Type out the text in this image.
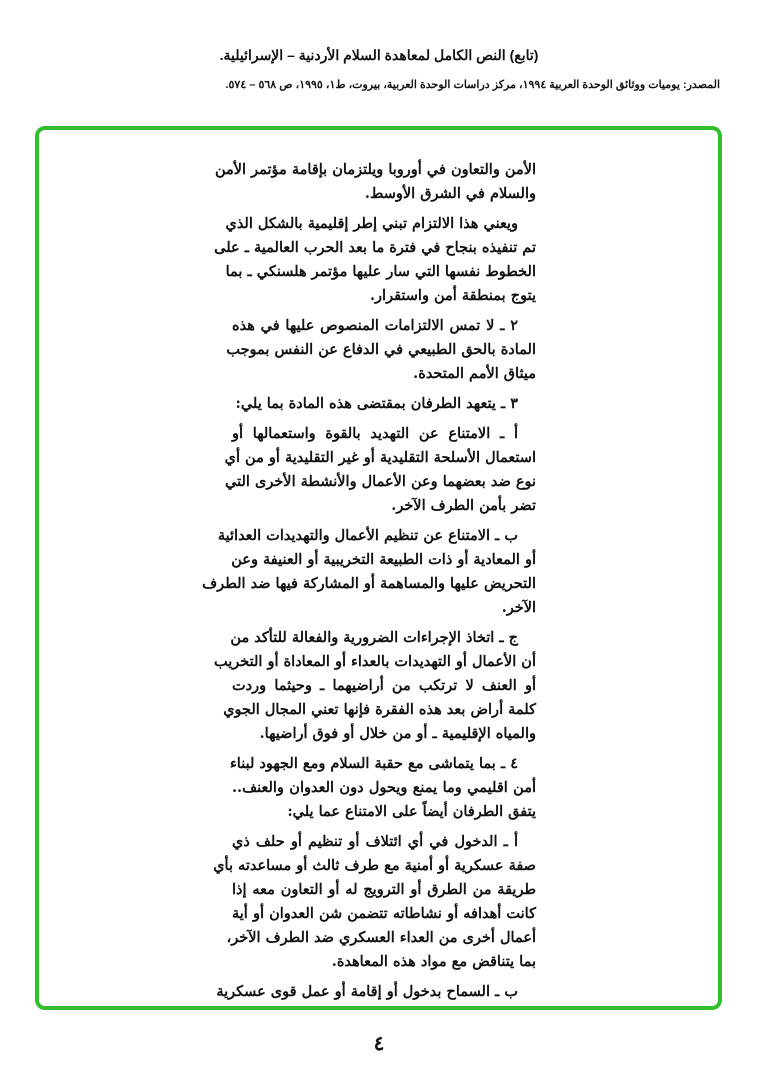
(تابع) النص الكامل لمعاهدة السلام الأردنية – الإسرائيلية.
المصدر: يوميات ووثائق الوحدة العربية ١٩٩٤، مركز دراسات الوحدة العربية، بيروت، ط١، ١٩٩٥، ص ٥٦٨ – ٥٧٤.
الأمن والتعاون في أوروبا ويلتزمان بإقامة مؤتمر الأمن
والسلام في الشرق الأوسط.
ويعني هذا الالتزام تبني إطر إقليمية بالشكل الذي
تم تنفيذه بنجاح في فترة ما بعد الحرب العالمية ـ على
الخطوط نفسها التي سار عليها مؤتمر هلسنكي ـ بما
يتوج بمنطقة أمن واستقرار.
٢ ـ لا تمس الالتزامات المنصوص عليها في هذه
المادة بالحق الطبيعي في الدفاع عن النفس بموجب
ميثاق الأمم المتحدة.
٣ ـ يتعهد الطرفان بمقتضى هذه المادة بما يلي:
أ ـ الامتناع عن التهديد بالقوة واستعمالها أو
استعمال الأسلحة التقليدية أو غير التقليدية أو من أي
نوع ضد بعضهما وعن الأعمال والأنشطة الأخرى التي
تضر بأمن الطرف الآخر.
ب ـ الامتناع عن تنظيم الأعمال والتهديدات العدائية
أو المعادية أو ذات الطبيعة التخريبية أو العنيفة وعن
التحريض عليها والمساهمة أو المشاركة فيها ضد الطرف
الآخر.
ج ـ اتخاذ الإجراءات الضرورية والفعالة للتأكد من
أن الأعمال أو التهديدات بالعداء أو المعاداة أو التخريب
أو العنف لا ترتكب من أراضيهما ـ وحيثما وردت
كلمة أراض بعد هذه الفقرة فإنها تعني المجال الجوي
والمياه الإقليمية ـ أو من خلال أو فوق أراضيها.
٤ ـ بما يتماشى مع حقبة السلام ومع الجهود لبناء
أمن اقليمي وما يمنع ويحول دون العدوان والعنف..
يتفق الطرفان أيضاً على الامتناع عما يلي:
أ ـ الدخول في أي ائتلاف أو تنظيم أو حلف ذي
صفة عسكرية أو أمنية مع طرف ثالث أو مساعدته بأي
طريقة من الطرق أو الترويج له أو التعاون معه إذا
كانت أهدافه أو نشاطاته تتضمن شن العدوان أو أية
أعمال أخرى من العداء العسكري ضد الطرف الآخر،
بما يتناقض مع مواد هذه المعاهدة.
ب ـ السماح بدخول أو إقامة أو عمل قوى عسكرية
٤
